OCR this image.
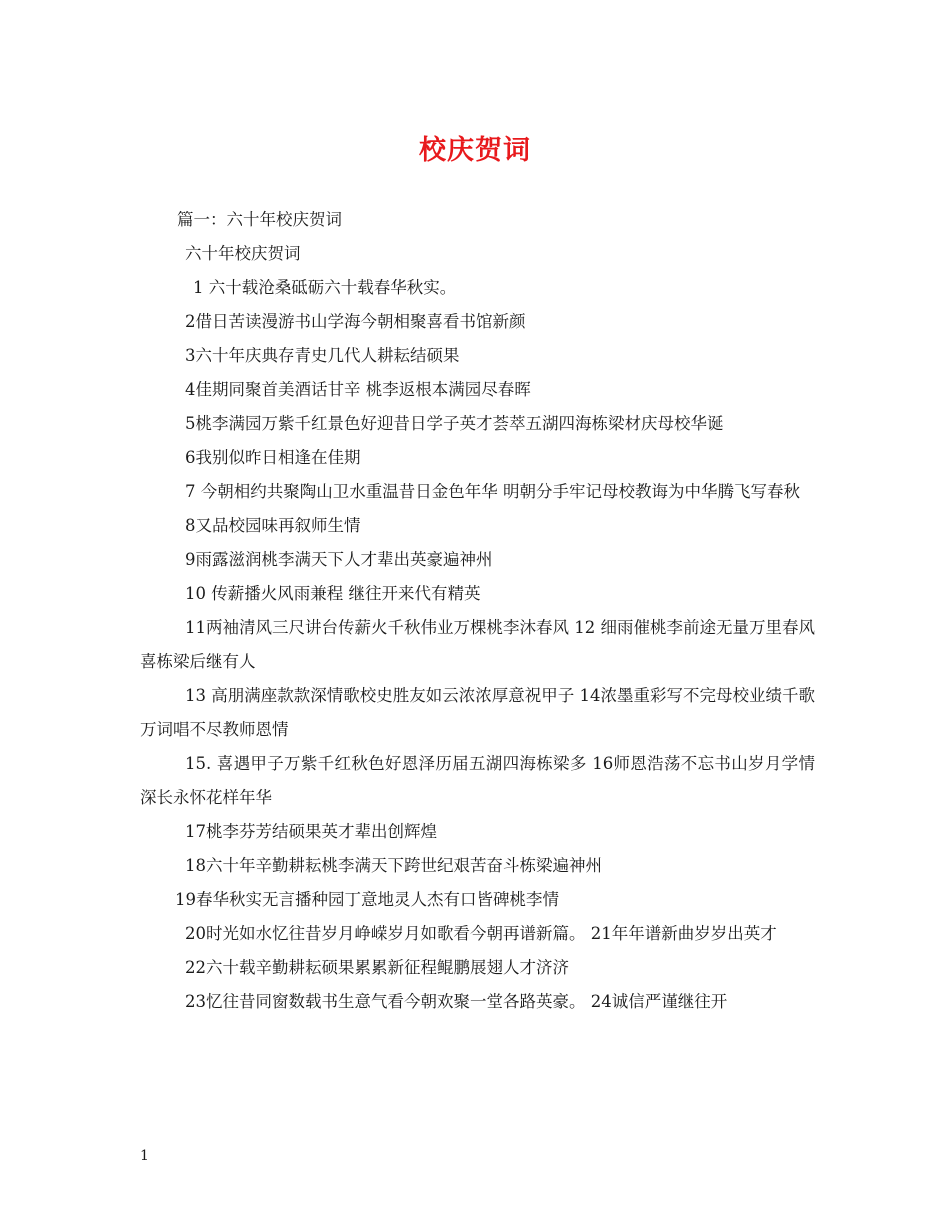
校庆贺词
篇一：六十年校庆贺词
六十年校庆贺词
1 六十载沧桑砥砺六十载春华秋实。
2借日苦读漫游书山学海今朝相聚喜看书馆新颜
3六十年庆典存青史几代人耕耘结硕果
4佳期同聚首美酒话甘辛 桃李返根本满园尽春晖
5桃李满园万紫千红景色好迎昔日学子英才荟萃五湖四海栋梁材庆母校华诞
6我别似昨日相逢在佳期
7 今朝相约共聚陶山卫水重温昔日金色年华 明朝分手牢记母校教诲为中华腾飞写春秋
8又品校园味再叙师生情
9雨露滋润桃李满天下人才辈出英豪遍神州
10 传薪播火风雨兼程 继往开来代有精英
11两袖清风三尺讲台传薪火千秋伟业万棵桃李沐春风 12 细雨催桃李前途无量万里春风喜栋梁后继有人
13 高朋满座款款深情歌校史胜友如云浓浓厚意祝甲子 14浓墨重彩写不完母校业绩千歌万词唱不尽教师恩情
15. 喜遇甲子万紫千红秋色好恩泽历届五湖四海栋梁多 16师恩浩荡不忘书山岁月学情深长永怀花样年华
17桃李芬芳结硕果英才辈出创辉煌
18六十年辛勤耕耘桃李满天下跨世纪艰苦奋斗栋梁遍神州
19春华秋实无言播种园丁意地灵人杰有口皆碑桃李情
20时光如水忆往昔岁月峥嵘岁月如歌看今朝再谱新篇。 21年年谱新曲岁岁出英才
22六十载辛勤耕耘硕果累累新征程鲲鹏展翅人才济济
23忆往昔同窗数载书生意气看今朝欢聚一堂各路英豪。 24诚信严谨继往开
1
